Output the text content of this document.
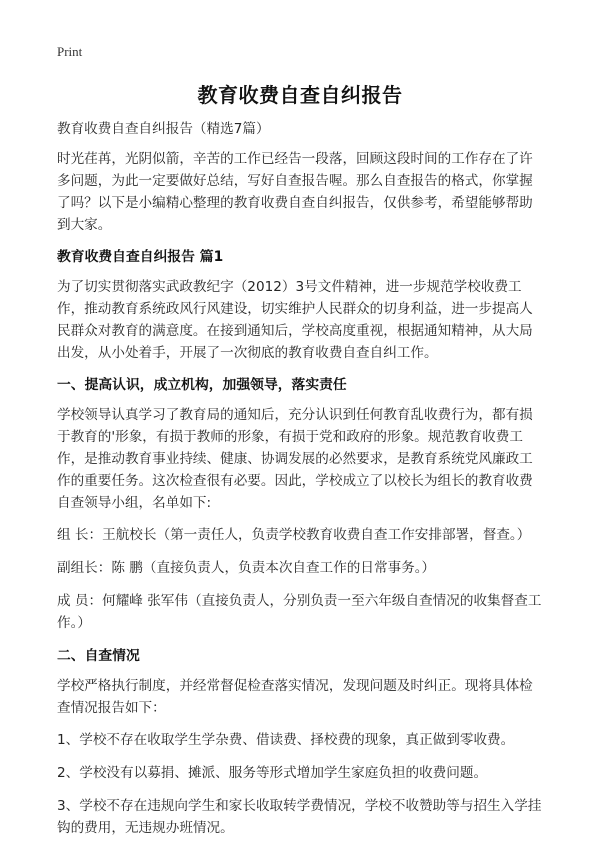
Print
教育收费自查自纠报告

教育收费自查自纠报告（精选7篇）

时光荏苒，光阴似箭，辛苦的工作已经告一段落，回顾这段时间的工作存在了许多问题，为此一定要做好总结，写好自查报告喔。那么自查报告的格式，你掌握了吗？以下是小编精心整理的教育收费自查自纠报告，仅供参考，希望能够帮助到大家。

教育收费自查自纠报告 篇1

为了切实贯彻落实武政教纪字（2012）3号文件精神，进一步规范学校收费工作，推动教育系统政风行风建设，切实维护人民群众的切身利益，进一步提高人民群众对教育的满意度。在接到通知后，学校高度重视，根据通知精神，从大局出发，从小处着手，开展了一次彻底的教育收费自查自纠工作。

一、提高认识，成立机构，加强领导，落实责任

学校领导认真学习了教育局的通知后，充分认识到任何教育乱收费行为，都有损于教育的'形象，有损于教师的形象，有损于党和政府的形象。规范教育收费工作，是推动教育事业持续、健康、协调发展的必然要求，是教育系统党风廉政工作的重要任务。这次检查很有必要。因此，学校成立了以校长为组长的教育收费自查领导小组，名单如下:

组 长：王航校长（第一责任人，负责学校教育收费自查工作安排部署，督查。）

副组长：陈 鹏（直接负责人，负责本次自查工作的日常事务。）

成 员：何耀峰 张军伟（直接负责人，分别负责一至六年级自查情况的收集督查工作。）

二、自查情况

学校严格执行制度，并经常督促检查落实情况，发现问题及时纠正。现将具体检查情况报告如下：

1、学校不存在收取学生学杂费、借读费、择校费的现象，真正做到零收费。

2、学校没有以募捐、摊派、服务等形式增加学生家庭负担的收费问题。

3、学校不存在违规向学生和家长收取转学费情况，学校不收赞助等与招生入学挂钩的费用，无违规办班情况。
